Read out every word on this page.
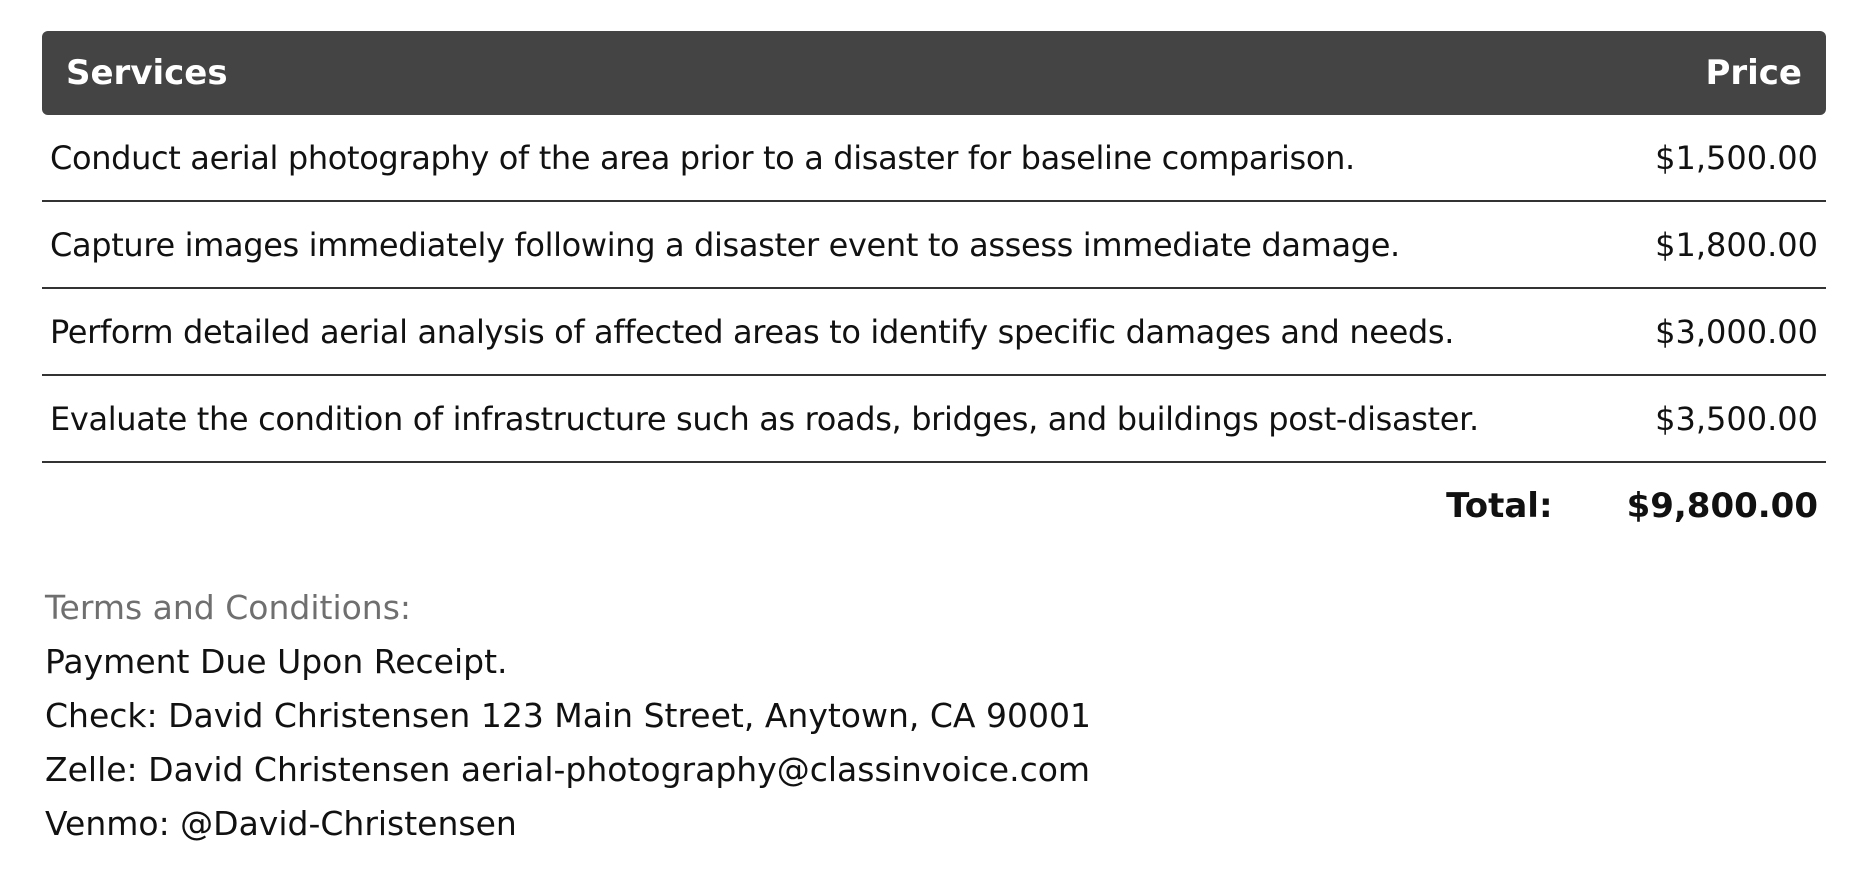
Services	Price
Conduct aerial photography of the area prior to a disaster for baseline comparison.	$1,500.00
Capture images immediately following a disaster event to assess immediate damage.	$1,800.00
Perform detailed aerial analysis of affected areas to identify specific damages and needs.	$3,000.00
Evaluate the condition of infrastructure such as roads, bridges, and buildings post-disaster.	$3,500.00
Total: $9,800.00
Terms and Conditions:
Payment Due Upon Receipt.
Check: David Christensen 123 Main Street, Anytown, CA 90001
Zelle: David Christensen aerial-photography@classinvoice.com
Venmo: @David-Christensen
